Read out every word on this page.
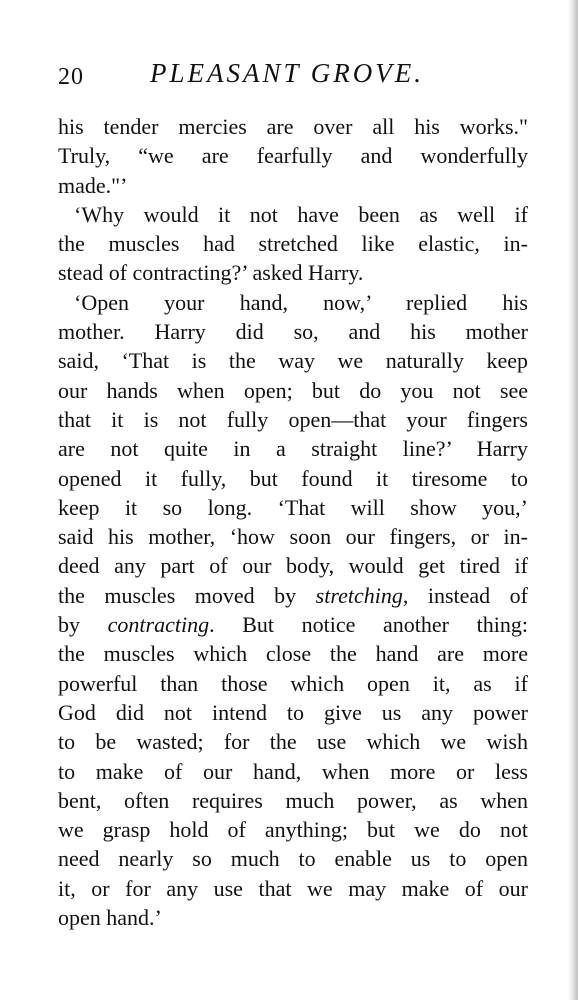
20 PLEASANT GROVE.
his tender mercies are over all his works."
Truly, “we are fearfully and wonderfully
made."’
‘Why would it not have been as well if
the muscles had stretched like elastic, in-
stead of contracting?’ asked Harry.
‘Open your hand, now,’ replied his
mother. Harry did so, and his mother
said, ‘That is the way we naturally keep
our hands when open; but do you not see
that it is not fully open—that your fingers
are not quite in a straight line?’ Harry
opened it fully, but found it tiresome to
keep it so long. ‘That will show you,’
said his mother, ‘how soon our fingers, or in-
deed any part of our body, would get tired if
the muscles moved by stretching, instead of
by contracting. But notice another thing:
the muscles which close the hand are more
powerful than those which open it, as if
God did not intend to give us any power
to be wasted; for the use which we wish
to make of our hand, when more or less
bent, often requires much power, as when
we grasp hold of anything; but we do not
need nearly so much to enable us to open
it, or for any use that we may make of our
open hand.’
